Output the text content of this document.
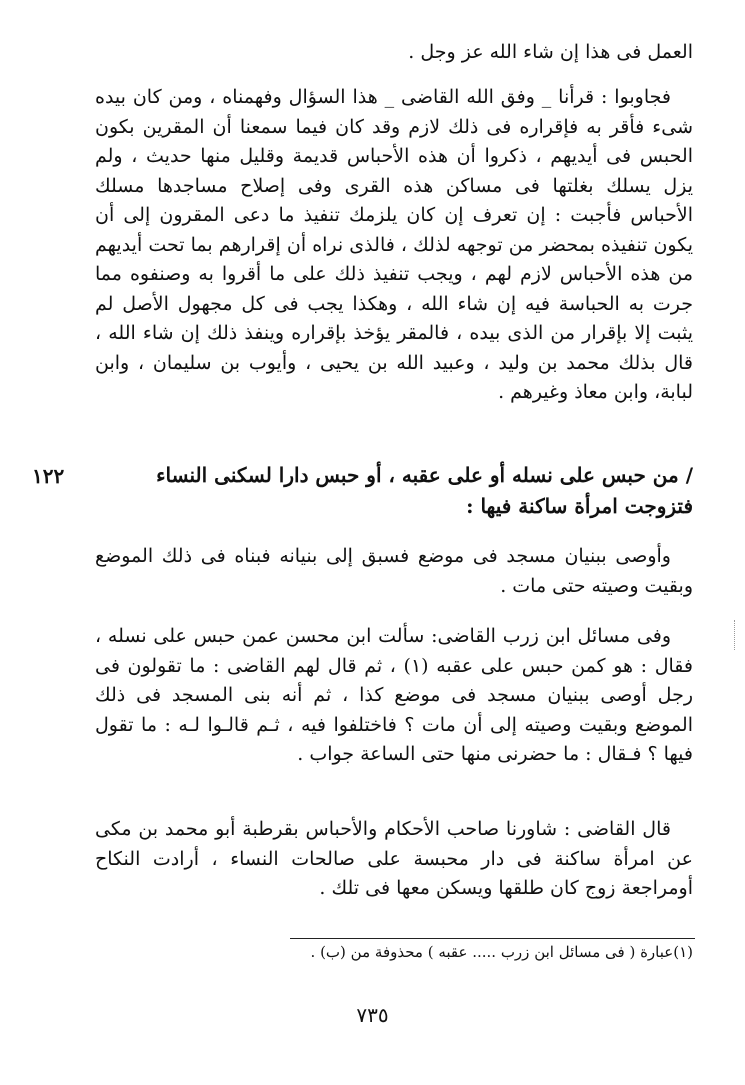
العمل فى هذا إن شاء الله عز وجل .

فجاوبوا : قرأنا _ وفق الله القاضى _ هذا السؤال وفهمناه ، ومن كان بيده شىء فأقر به فإقراره فى ذلك لازم وقد كان فيما سمعنا أن المقرين بكون الحبس فى أيديهم ، ذكروا أن هذه الأحباس قديمة وقليل منها حديث ، ولم يزل يسلك بغلتها فى مساكن هذه القرى وفى إصلاح مساجدها مسلك الأحباس فأجبت : إن تعرف إن كان يلزمك تنفيذ ما دعى المقرون إلى أن يكون تنفيذه بمحضر من توجهه لذلك ، فالذى نراه أن إقرارهم بما تحت أيديهم من هذه الأحباس لازم لهم ، ويجب تنفيذ ذلك على ما أقروا به وصنفوه مما جرت به الحباسة فيه إن شاء الله ، وهكذا يجب فى كل مجهول الأصل لم يثبت إلا بإقرار من الذى بيده ، فالمقر يؤخذ بإقراره وينفذ ذلك إن شاء الله ، قال بذلك محمد بن وليد ، وعبيد الله بن يحيى ، وأيوب بن سليمان ، وابن لبابة، وابن معاذ وغيرهم .

١٢٢	/ من حبس على نسله أو على عقبه ، أو حبس دارا لسكنى النساء فتزوجت امرأة ساكنة فيها :

وأوصى ببنيان مسجد فى موضع فسبق إلى بنيانه فبناه فى ذلك الموضع وبقيت وصيته حتى مات .

وفى مسائل ابن زرب القاضى: سألت ابن محسن عمن حبس على نسله ، فقال : هو كمن حبس على عقبه (١) ، ثم قال لهم القاضى : ما تقولون فى رجل أوصى ببنيان مسجد فى موضع كذا ، ثم أنه بنى المسجد فى ذلك الموضع وبقيت وصيته إلى أن مات ؟ فاختلفوا فيه ، ثـم قالـوا لـه : ما تقول فيها ؟ فـقال : ما حضرنى منها حتى الساعة جواب .

قال القاضى : شاورنا صاحب الأحكام والأحباس بقرطبة أبو محمد بن مكى عن امرأة ساكنة فى دار محبسة على صالحات النساء ، أرادت النكاح أومراجعة زوج كان طلقها ويسكن معها فى تلك .

(١)عبارة ( فى مسائل ابن زرب ..... عقبه ) محذوفة من (ب) .

٧٣٥
